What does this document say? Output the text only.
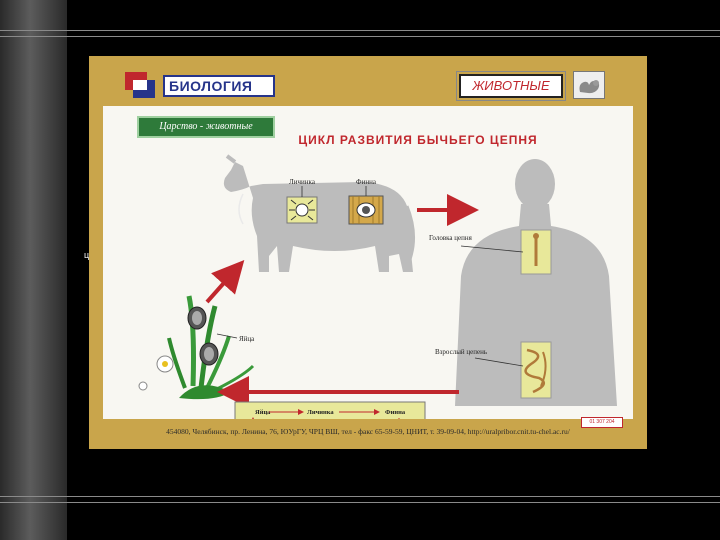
ц
БИОЛОГИЯ	ЖИВОТНЫЕ
Царство - животные
ЦИКЛ РАЗВИТИЯ БЫЧЬЕГО ЦЕПНЯ
Личинка	Финна
Головка цепня
Взрослый цепень
Яйца
Яйца	Личинка	Финна
01 307 204
454080, Челябинск, пр. Ленина, 76, ЮУрГУ, ЧРЦ ВШ, тел - факс 65-59-59, ЦНИТ, т. 39-09-04, http://uralpribor.cnit.tu-chel.ac.ru/
